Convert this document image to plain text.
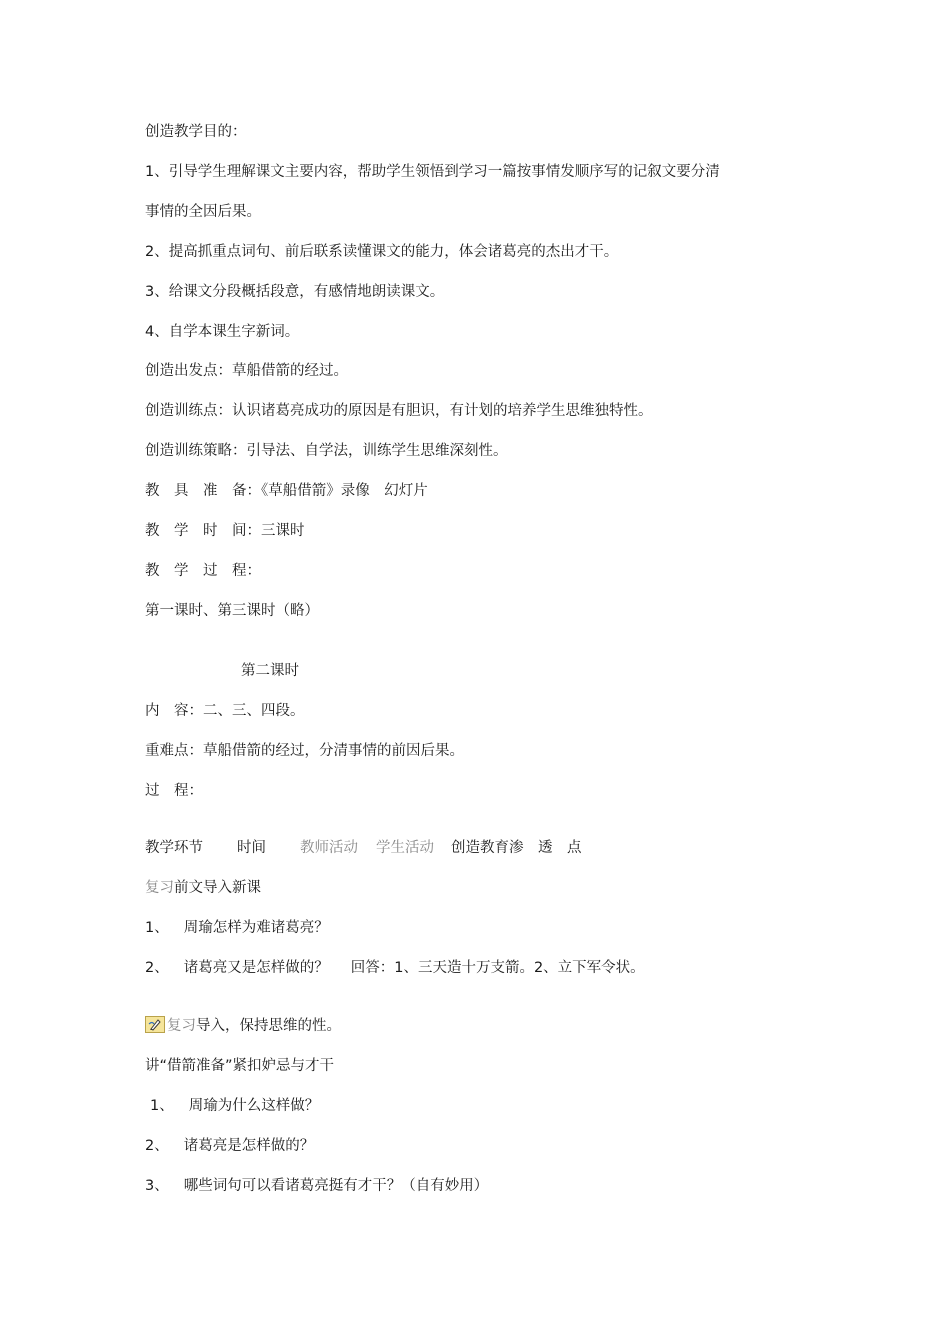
创造教学目的：
1、引导学生理解课文主要内容，帮助学生领悟到学习一篇按事情发顺序写的记叙文要分清
事情的全因后果。
2、提高抓重点词句、前后联系读懂课文的能力，体会诸葛亮的杰出才干。
3、给课文分段概括段意，有感情地朗读课文。
4、自学本课生字新词。
创造出发点：草船借箭的经过。
创造训练点：认识诸葛亮成功的原因是有胆识，有计划的培养学生思维独特性。
创造训练策略：引导法、自学法，训练学生思维深刻性。
教　具　准　备：《草船借箭》录像　幻灯片
教　学　时　间：三课时
教　学　过　程：
第一课时、第三课时（略）
第二课时
内　容：二、三、四段。
重难点：草船借箭的经过，分清事情的前因后果。
过　程：
教学环节 时间 教师活动 学生活动 创造教育渗　透　点
复习前文导入新课
1、 周瑜怎样为难诸葛亮？
2、 诸葛亮又是怎样做的？ 回答：1、三天造十万支箭。2、立下军令状。
复习导入，保持思维的性。
讲“借箭准备”紧扣妒忌与才干
1、 周瑜为什么这样做？
2、 诸葛亮是怎样做的？
3、 哪些词句可以看诸葛亮挺有才干？（自有妙用）
